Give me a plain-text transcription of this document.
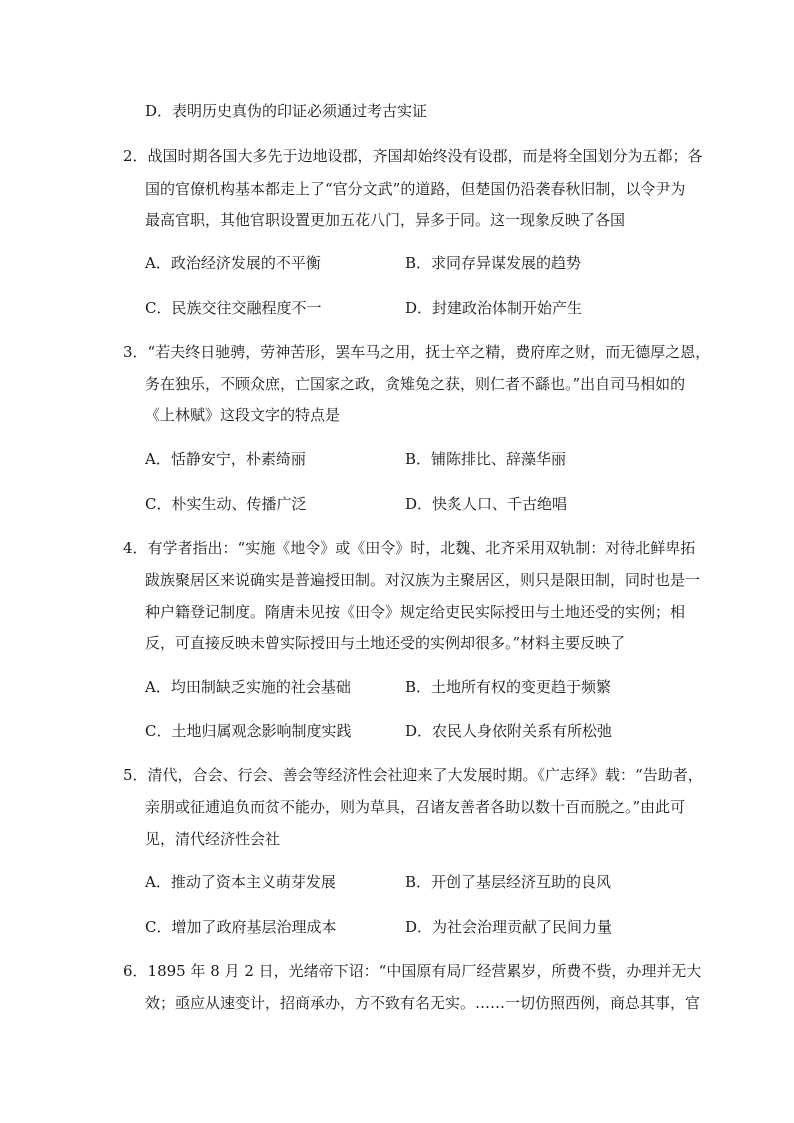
D．表明历史真伪的印证必须通过考古实证
2．战国时期各国大多先于边地设郡，齐国却始终没有设郡，而是将全国划分为五都；各
国的官僚机构基本都走上了“官分文武”的道路，但楚国仍沿袭春秋旧制，以令尹为
最高官职，其他官职设置更加五花八门，异多于同。这一现象反映了各国
A．政治经济发展的不平衡	B．求同存异谋发展的趋势
C．民族交往交融程度不一	D．封建政治体制开始产生
3．“若夫终日驰骋，劳神苦形，罢车马之用，抚士卒之精，费府库之财，而无德厚之恩，
务在独乐，不顾众庶，亡国家之政，贪雉兔之获，则仁者不繇也。”出自司马相如的
《上林赋》这段文字的特点是
A．恬静安宁，朴素绮丽	B．铺陈排比、辞藻华丽
C．朴实生动、传播广泛	D．快炙人口、千古绝唱
4．有学者指出：“实施《地令》或《田令》时，北魏、北齐采用双轨制：对待北鲜卑拓
跋族聚居区来说确实是普遍授田制。对汉族为主聚居区，则只是限田制，同时也是一
种户籍登记制度。隋唐未见按《田令》规定给吏民实际授田与土地还受的实例；相
反，可直接反映未曾实际授田与土地还受的实例却很多。”材料主要反映了
A．均田制缺乏实施的社会基础	B．土地所有权的变更趋于频繁
C．土地归属观念影响制度实践	D．农民人身依附关系有所松弛
5．清代，合会、行会、善会等经济性会社迎来了大发展时期。《广志绎》载：“告助者，
亲朋或征逋追负而贫不能办，则为草具，召诸友善者各助以数十百而脱之。”由此可
见，清代经济性会社
A．推动了资本主义萌芽发展	B．开创了基层经济互助的良风
C．增加了政府基层治理成本	D．为社会治理贡献了民间力量
6．1895 年 8 月 2 日，光绪帝下诏：“中国原有局厂经营累岁，所费不赀，办理并无大
效；亟应从速变计，招商承办，方不致有名无实。……一切仿照西例，商总其事，官
